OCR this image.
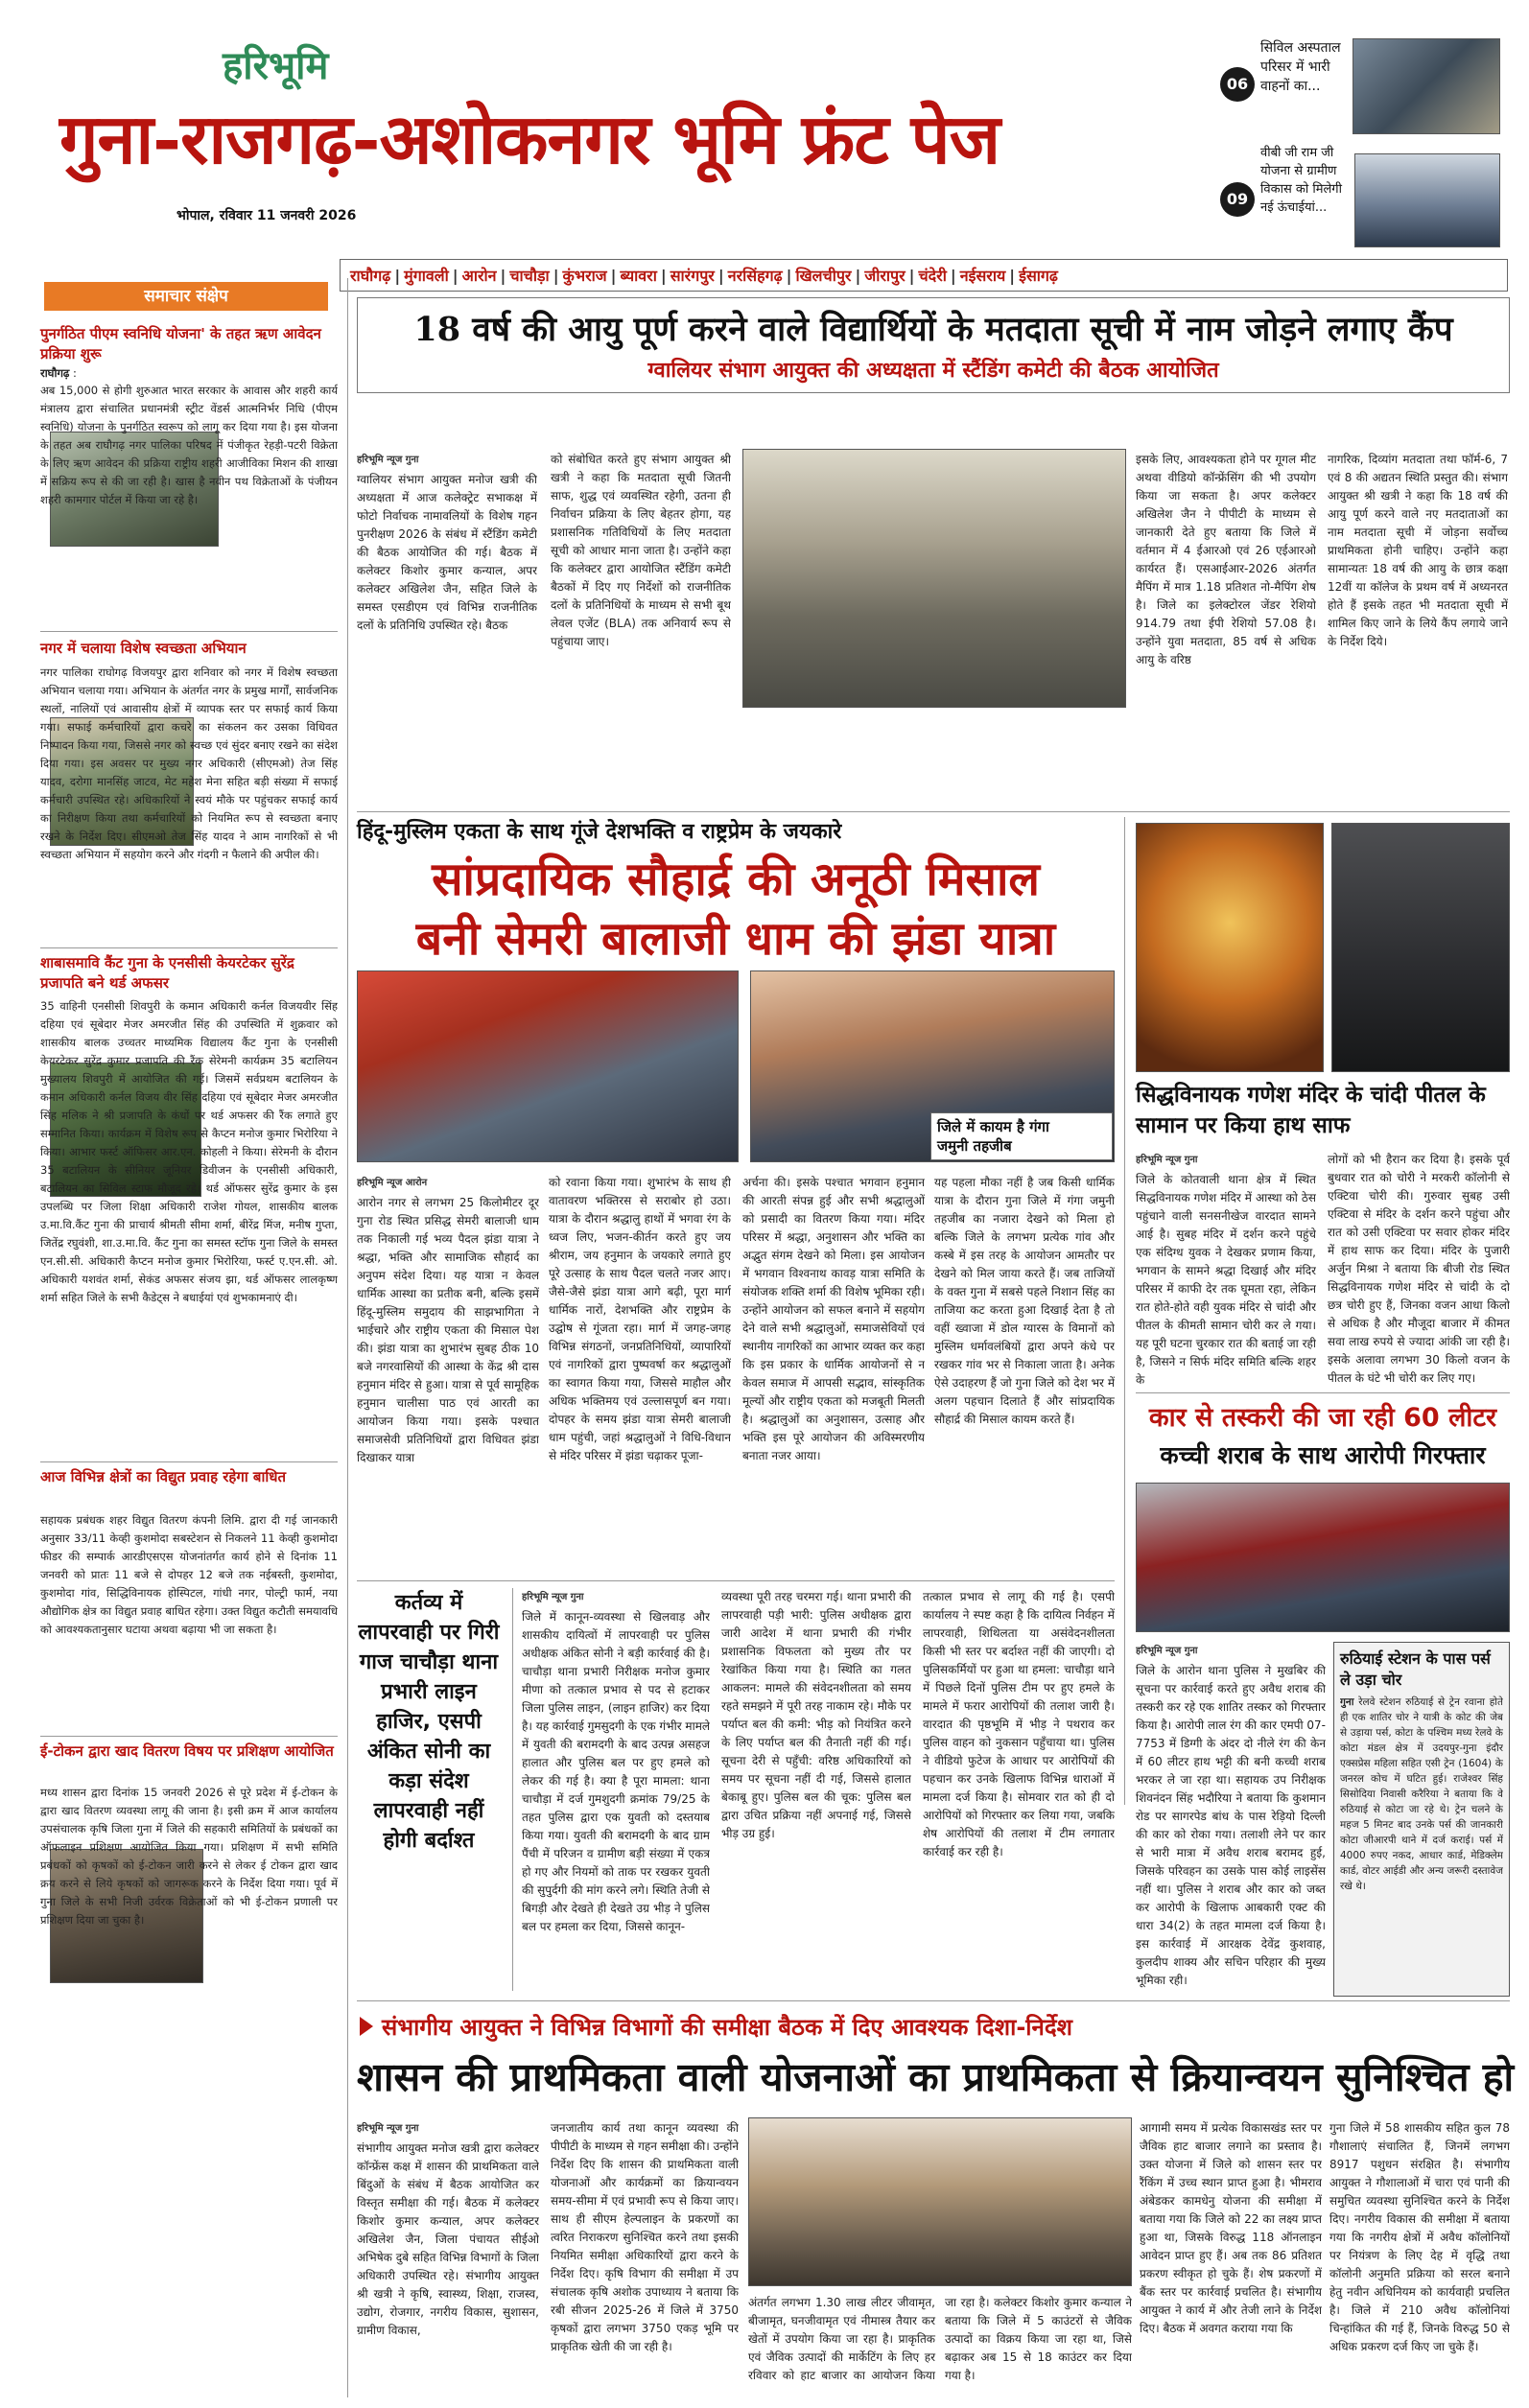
हरिभूमि
गुना-राजगढ़-अशोकनगर भूमि फ्रंट पेज
भोपाल, रविवार 11 जनवरी 2026
06
सिविल अस्पताल परिसर में भारी वाहनों का...
09
वीबी जी राम जी योजना से ग्रामीण विकास को मिलेगी नई ऊंचाईयां...
राघौगढ़ | मुंगावली | आरोन | चाचौड़ा | कुंभराज | ब्यावरा | सारंगपुर | नरसिंहगढ़ | खिलचीपुर | जीरापुर | चंदेरी | नईसराय | ईसागढ़
समाचार संक्षेप
पुनर्गठित पीएम स्वनिधि योजना' के तहत ऋण आवेदन प्रक्रिया शुरू
राघौगढ़ :
अब 15,000 से होगी शुरुआत भारत सरकार के आवास और शहरी कार्य मंत्रालय द्वारा संचालित प्रधानमंत्री स्ट्रीट वेंडर्स आत्मनिर्भर निधि (पीएम स्वनिधि) योजना के पुनर्गठित स्वरूप को लागू कर दिया गया है। इस योजना के तहत अब राघौगढ़ नगर पालिका परिषद में पंजीकृत रेहड़ी-पटरी विक्रेता के लिए ऋण आवेदन की प्रक्रिया राष्ट्रीय शहरी आजीविका मिशन की शाखा में सक्रिय रूप से की जा रही है। खास है नवीन पथ विक्रेताओं के पंजीयन शहरी कामगार पोर्टल में किया जा रहे है।
नगर में चलाया विशेष स्वच्छता अभियान
नगर पालिका राघोगढ़ विजयपुर द्वारा शनिवार को नगर में विशेष स्वच्छता अभियान चलाया गया। अभियान के अंतर्गत नगर के प्रमुख मार्गों, सार्वजनिक स्थलों, नालियों एवं आवासीय क्षेत्रों में व्यापक स्तर पर सफाई कार्य किया गया। सफाई कर्मचारियों द्वारा कचरे का संकलन कर उसका विधिवत निष्पादन किया गया, जिससे नगर को स्वच्छ एवं सुंदर बनाए रखने का संदेश दिया गया। इस अवसर पर मुख्य नगर अधिकारी (सीएमओ) तेज सिंह यादव, दरोगा मानसिंह जाटव, मेट महेश मेना सहित बड़ी संख्या में सफाई कर्मचारी उपस्थित रहे। अधिकारियों ने स्वयं मौके पर पहुंचकर सफाई कार्य का निरीक्षण किया तथा कर्मचारियों को नियमित रूप से स्वच्छता बनाए रखने के निर्देश दिए। सीएमओ तेज सिंह यादव ने आम नागरिकों से भी स्वच्छता अभियान में सहयोग करने और गंदगी न फैलाने की अपील की।
शाबासमावि कैंट गुना के एनसीसी केयरटेकर सुरेंद्र प्रजापति बने थर्ड अफसर
35 वाहिनी एनसीसी शिवपुरी के कमान अधिकारी कर्नल विजयवीर सिंह दहिया एवं सूबेदार मेजर अमरजीत सिंह की उपस्थिति में शुक्रवार को शासकीय बालक उच्चतर माध्यमिक विद्यालय कैंट गुना के एनसीसी केयरटेकर सुरेंद्र कुमार प्रजापति की रैंक सेरेमनी कार्यक्रम 35 बटालियन मुख्यालय शिवपुरी में आयोजित की गई। जिसमें सर्वप्रथम बटालियन के कमान अधिकारी कर्नल विजय वीर सिंह दहिया एवं सूबेदार मेजर अमरजीत सिंह मलिक ने श्री प्रजापति के कंधों पर थर्ड अफसर की रैंक लगाते हुए सम्मानित किया। कार्यक्रम में विशेष रूप से कैप्टन मनोज कुमार भिरोरिया ने किया। आभार फर्स्ट ऑफिसर आर.एन. कोहली ने किया। सेरेमनी के दौरान 35 बटालियन के सीनियर जूनियर डिवीजन के एनसीसी अधिकारी, बटालियन का सिविल स्टाफ मौजूद रहे। थर्ड ऑफसर सुरेंद्र कुमार के इस उपलब्धि पर जिला शिक्षा अधिकारी राजेश गोयल, शासकीय बालक उ.मा.वि.कैंट गुना की प्राचार्य श्रीमती सीमा शर्मा, बीरेंद्र मिंज, मनीष गुप्ता, जितेंद्र रघुवंशी, शा.उ.मा.वि. कैंट गुना का समस्त स्टॉफ गुना जिले के समस्त एन.सी.सी. अधिकारी कैप्टन मनोज कुमार भिरोरिया, फर्स्ट ए.एन.सी. ओ. अधिकारी यशवंत शर्मा, सेकंड अफसर संजय झा, थर्ड ऑफसर लालकृष्ण शर्मा सहित जिले के सभी कैडेट्स ने बधाईयां एवं शुभकामनाएं दी।
आज विभिन्न क्षेत्रों का विद्युत प्रवाह रहेगा बाधित
सहायक प्रबंधक शहर विद्युत वितरण कंपनी लिमि. द्वारा दी गई जानकारी अनुसार 33/11 केव्ही कुशमोदा सबस्टेशन से निकलने 11 केव्ही कुशमोदा फीडर की सम्पार्क आरडीएसएस योजनांतर्गत कार्य होने से दिनांक 11 जनवरी को प्रातः 11 बजे से दोपहर 12 बजे तक नईबस्ती, कुशमोदा, कुशमोदा गांव, सिद्धिविनायक होस्पिटल, गांधी नगर, पोल्ट्री फार्म, नया औद्योगिक क्षेत्र का विद्युत प्रवाह बाधित रहेगा। उक्त विद्युत कटौती समयावधि को आवश्यकतानुसार घटाया अथवा बढ़ाया भी जा सकता है।
ई-टोकन द्वारा खाद वितरण विषय पर प्रशिक्षण आयोजित
मध्य शासन द्वारा दिनांक 15 जनवरी 2026 से पूरे प्रदेश में ई-टोकन के द्वारा खाद वितरण व्यवस्था लागू की जाना है। इसी क्रम में आज कार्यालय उपसंचालक कृषि जिला गुना में जिले की सहकारी समितियों के प्रबंधकों का ऑफलाइन प्रशिक्षण आयोजित किया गया। प्रशिक्षण में सभी समिति प्रबंधकों को कृषकों को ई-टोकन जारी करने से लेकर ई टोकन द्वारा खाद क्रय करने से लिये कृषकों को जागरूक करने के निर्देश दिया गया। पूर्व में गुना जिले के सभी निजी उर्वरक विक्रेताओं को भी ई-टोकन प्रणाली पर प्रशिक्षण दिया जा चुका है।
18 वर्ष की आयु पूर्ण करने वाले विद्यार्थियों के मतदाता सूची में नाम जोड़ने लगाए कैंप
ग्वालियर संभाग आयुक्त की अध्यक्षता में स्टैंडिंग कमेटी की बैठक आयोजित
हरिभूमि न्यूज गुना
ग्वालियर संभाग आयुक्त मनोज खत्री की अध्यक्षता में आज कलेक्ट्रेट सभाकक्ष में फोटो निर्वाचक नामावलियों के विशेष गहन पुनरीक्षण 2026 के संबंध में स्टैंडिंग कमेटी की बैठक आयोजित की गई। बैठक में कलेक्टर किशोर कुमार कन्याल, अपर कलेक्टर अखिलेश जैन, सहित जिले के समस्त एसडीएम एवं विभिन्न राजनीतिक दलों के प्रतिनिधि उपस्थित रहे। बैठक
को संबोधित करते हुए संभाग आयुक्त श्री खत्री ने कहा कि मतदाता सूची जितनी साफ, शुद्ध एवं व्यवस्थित रहेगी, उतना ही निर्वाचन प्रक्रिया के लिए बेहतर होगा, यह प्रशासनिक गतिविधियों के लिए मतदाता सूची को आधार माना जाता है। उन्होंने कहा कि कलेक्टर द्वारा आयोजित स्टैंडिंग कमेटी बैठकों में दिए गए निर्देशों को राजनीतिक दलों के प्रतिनिधियों के माध्यम से सभी बूथ लेवल एजेंट (BLA) तक अनिवार्य रूप से पहुंचाया जाए।
इसके लिए, आवश्यकता होने पर गूगल मीट अथवा वीडियो कॉन्फ्रेंसिंग की भी उपयोग किया जा सकता है। अपर कलेक्टर अखिलेश जैन ने पीपीटी के माध्यम से जानकारी देते हुए बताया कि जिले में वर्तमान में 4 ईआरओ एवं 26 एईआरओ कार्यरत हैं। एसआईआर-2026 अंतर्गत मैपिंग में मात्र 1.18 प्रतिशत नो-मैपिंग शेष है। जिले का इलेक्टोरल जेंडर रेशियो 914.79 तथा ईपी रेशियो 57.08 है। उन्होंने युवा मतदाता, 85 वर्ष से अधिक आयु के वरिष्ठ
नागरिक, दिव्यांग मतदाता तथा फॉर्म-6, 7 एवं 8 की अद्यतन स्थिति प्रस्तुत की। संभाग आयुक्त श्री खत्री ने कहा कि 18 वर्ष की आयु पूर्ण करने वाले नए मतदाताओं का नाम मतदाता सूची में जोड़ना सर्वोच्च प्राथमिकता होनी चाहिए। उन्होंने कहा सामान्यतः 18 वर्ष की आयु के छात्र कक्षा 12वीं या कॉलेज के प्रथम वर्ष में अध्यनरत होते हैं इसके तहत भी मतदाता सूची में शामिल किए जाने के लिये कैंप लगाये जाने के निर्देश दिये।
हिंदू-मुस्लिम एकता के साथ गूंजे देशभक्ति व राष्ट्रप्रेम के जयकारे
सांप्रदायिक सौहार्द्र की अनूठी मिसाल
बनी सेमरी बालाजी धाम की झंडा यात्रा
जिले में कायम है गंगा
जमुनी तहजीब
हरिभूमि न्यूज आरोन
आरोन नगर से लगभग 25 किलोमीटर दूर गुना रोड स्थित प्रसिद्ध सेमरी बालाजी धाम तक निकाली गई भव्य पैदल झंडा यात्रा ने श्रद्धा, भक्ति और सामाजिक सौहार्द का अनुपम संदेश दिया। यह यात्रा न केवल धार्मिक आस्था का प्रतीक बनी, बल्कि इसमें हिंदू-मुस्लिम समुदाय की साझभागिता ने भाईचारे और राष्ट्रीय एकता की मिसाल पेश की। झंडा यात्रा का शुभारंभ सुबह ठीक 10 बजे नगरवासियों की आस्था के केंद्र श्री दास हनुमान मंदिर से हुआ। यात्रा से पूर्व सामूहिक हनुमान चालीसा पाठ एवं आरती का आयोजन किया गया। इसके पश्चात समाजसेवी प्रतिनिधियों द्वारा विधिवत झंडा दिखाकर यात्रा
को रवाना किया गया। शुभारंभ के साथ ही वातावरण भक्तिरस से सराबोर हो उठा। यात्रा के दौरान श्रद्धालु हाथों में भगवा रंग के ध्वज लिए, भजन-कीर्तन करते हुए जय श्रीराम, जय हनुमान के जयकारे लगाते हुए पूरे उत्साह के साथ पैदल चलते नजर आए। जैसे-जैसे झंडा यात्रा आगे बढ़ी, पूरा मार्ग धार्मिक नारों, देशभक्ति और राष्ट्रप्रेम के उद्घोष से गूंजता रहा। मार्ग में जगह-जगह विभिन्न संगठनों, जनप्रतिनिधियों, व्यापारियों एवं नागरिकों द्वारा पुष्पवर्षा कर श्रद्धालुओं का स्वागत किया गया, जिससे माहौल और अधिक भक्तिमय एवं उल्लासपूर्ण बन गया। दोपहर के समय झंडा यात्रा सेमरी बालाजी धाम पहुंची, जहां श्रद्धालुओं ने विधि-विधान से मंदिर परिसर में झंडा चढ़ाकर पूजा-
अर्चना की। इसके पश्चात भगवान हनुमान की आरती संपन्न हुई और सभी श्रद्धालुओं को प्रसादी का वितरण किया गया। मंदिर परिसर में श्रद्धा, अनुशासन और भक्ति का अद्भुत संगम देखने को मिला। इस आयोजन में भगवान विश्वनाथ कावड़ यात्रा समिति के संयोजक शक्ति शर्मा की विशेष भूमिका रही। उन्होंने आयोजन को सफल बनाने में सहयोग देने वाले सभी श्रद्धालुओं, समाजसेवियों एवं स्थानीय नागरिकों का आभार व्यक्त कर कहा कि इस प्रकार के धार्मिक आयोजनों से न केवल समाज में आपसी सद्भाव, सांस्कृतिक मूल्यों और राष्ट्रीय एकता को मजबूती मिलती है। श्रद्धालुओं का अनुशासन, उत्साह और भक्ति इस पूरे आयोजन की अविस्मरणीय बनाता नजर आया।
यह पहला मौका नहीं है जब किसी धार्मिक यात्रा के दौरान गुना जिले में गंगा जमुनी तहजीब का नजारा देखने को मिला हो बल्कि जिले के लगभग प्रत्येक गांव और कस्बे में इस तरह के आयोजन आमतौर पर देखने को मिल जाया करते हैं। जब ताजियों के वक्त गुना में सबसे पहले निशान सिंह का ताजिया कट करता हुआ दिखाई देता है तो वहीं ख्वाजा में डोल ग्यारस के विमानों को मुस्लिम धर्मावलंबियों द्वारा अपने कंधे पर रखकर गांव भर से निकाला जाता है। अनेक ऐसे उदाहरण हैं जो गुना जिले को देश भर में अलग पहचान दिलाते हैं और सांप्रदायिक सौहार्द्र की मिसाल कायम करते हैं।
सिद्धविनायक गणेश मंदिर के चांदी पीतल के सामान पर किया हाथ साफ
हरिभूमि न्यूज गुना
जिले के कोतवाली थाना क्षेत्र में स्थित सिद्धविनायक गणेश मंदिर में आस्था को ठेस पहुंचाने वाली सनसनीखेज वारदात सामने आई है। सुबह मंदिर में दर्शन करने पहुंचे एक संदिग्ध युवक ने देखकर प्रणाम किया, भगवान के सामने श्रद्धा दिखाई और मंदिर परिसर में काफी देर तक घूमता रहा, लेकिन रात होते-होते वही युवक मंदिर से चांदी और पीतल के कीमती सामान चोरी कर ले गया। यह पूरी घटना चुरकार रात की बताई जा रही है, जिसने न सिर्फ मंदिर समिति बल्कि शहर के
लोगों को भी हैरान कर दिया है। इसके पूर्व बुधवार रात को चोरी ने मरकरी कॉलोनी से एक्टिवा चोरी की। गुरुवार सुबह उसी एक्टिवा से मंदिर के दर्शन करने पहुंचा और रात को उसी एक्टिवा पर सवार होकर मंदिर में हाथ साफ कर दिया। मंदिर के पुजारी अर्जुन मिश्रा ने बताया कि बीजी रोड स्थित सिद्धविनायक गणेश मंदिर से चांदी के दो छत्र चोरी हुए हैं, जिनका वजन आधा किलो से अधिक है और मौजूदा बाजार में कीमत सवा लाख रुपये से ज्यादा आंकी जा रही है। इसके अलावा लगभग 30 किलो वजन के पीतल के घंटे भी चोरी कर लिए गए।
कार से तस्करी की जा रही 60 लीटर
कच्ची शराब के साथ आरोपी गिरफ्तार
हरिभूमि न्यूज गुना
जिले के आरोन थाना पुलिस ने मुखबिर की सूचना पर कार्रवाई करते हुए अवैध शराब की तस्करी कर रहे एक शातिर तस्कर को गिरफ्तार किया है। आरोपी लाल रंग की कार एमपी 07-7753 में डिग्गी के अंदर दो नीले रंग की केन में 60 लीटर हाथ भट्टी की बनी कच्ची शराब भरकर ले जा रहा था। सहायक उप निरीक्षक शिवनंदन सिंह भदौरिया ने बताया कि कुशमान रोड पर सागरपेड बांध के पास रेड़ियो दिल्ली की कार को रोका गया। तलाशी लेने पर कार से भारी मात्रा में अवैध शराब बरामद हुई, जिसके परिवहन का उसके पास कोई लाइसेंस नहीं था। पुलिस ने शराब और कार को जब्त कर आरोपी के खिलाफ आबकारी एक्ट की धारा 34(2) के तहत मामला दर्ज किया है। इस कार्रवाई में आरक्षक देवेंद्र कुशवाह, कुलदीप शाक्य और सचिन परिहार की मुख्य भूमिका रही।
रुठियाई स्टेशन के पास पर्स ले उड़ा चोर
गुना रेलवे स्टेशन रुठियाई से ट्रेन रवाना होते ही एक शातिर चोर ने यात्री के कोट की जेब से उड़ाया पर्स, कोटा के पश्चिम मध्य रेलवे के कोटा मंडल क्षेत्र में उदयपुर-गुना इंदौर एक्सप्रेस महिला सहित एसी ट्रेन (1604) के जनरल कोच में घटित हुई। राजेश्वर सिंह सिसोदिया निवासी करैरिया ने बताया कि वे रुठियाई से कोटा जा रहे थे। ट्रेन चलने के महज 5 मिनट बाद उनके पर्स की जानकारी कोटा जीआरपी थाने में दर्ज कराई। पर्स में 4000 रुपए नकद, आधार कार्ड, मेडिक्लेम कार्ड, वोटर आईडी और अन्य जरूरी दस्तावेज रखे थे।
कर्तव्य में लापरवाही पर गिरी गाज चाचौड़ा थाना प्रभारी लाइन हाजिर, एसपी अंकित सोनी का कड़ा संदेश लापरवाही नहीं होगी बर्दाश्त
हरिभूमि न्यूज गुना
जिले में कानून-व्यवस्था से खिलवाड़ और शासकीय दायित्वों में लापरवाही पर पुलिस अधीक्षक अंकित सोनी ने बड़ी कार्रवाई की है। चाचौड़ा थाना प्रभारी निरीक्षक मनोज कुमार मीणा को तत्काल प्रभाव से पद से हटाकर जिला पुलिस लाइन, (लाइन हाजिर) कर दिया है। यह कार्रवाई गुमसुदगी के एक गंभीर मामले में युवती की बरामदगी के बाद उत्पन्न असहज हालात और पुलिस बल पर हुए हमले को लेकर की गई है। क्या है पूरा मामला: थाना चाचौड़ा में दर्ज गुमशुदगी क्रमांक 79/25 के तहत पुलिस द्वारा एक युवती को दस्तयाब किया गया। युवती की बरामदगी के बाद ग्राम पैंची में परिजन व ग्रामीण बड़ी संख्या में एकत्र हो गए और नियमों को ताक पर रखकर युवती की सुपुर्दगी की मांग करने लगे। स्थिति तेजी से बिगड़ी और देखते ही देखते उग्र भीड़ ने पुलिस बल पर हमला कर दिया, जिससे कानून-
व्यवस्था पूरी तरह चरमरा गई। थाना प्रभारी की लापरवाही पड़ी भारी: पुलिस अधीक्षक द्वारा जारी आदेश में थाना प्रभारी की गंभीर प्रशासनिक विफलता को मुख्य तौर पर रेखांकित किया गया है। स्थिति का गलत आकलन: मामले की संवेदनशीलता को समय रहते समझने में पूरी तरह नाकाम रहे। मौके पर पर्याप्त बल की कमी: भीड़ को नियंत्रित करने के लिए पर्याप्त बल की तैनाती नहीं की गई। सूचना देरी से पहुँची: वरिष्ठ अधिकारियों को समय पर सूचना नहीं दी गई, जिससे हालात बेकाबू हुए। पुलिस बल की चूक: पुलिस बल द्वारा उचित प्रक्रिया नहीं अपनाई गई, जिससे भीड़ उग्र हुई।
तत्काल प्रभाव से लागू की गई है। एसपी कार्यालय ने स्पष्ट कहा है कि दायित्व निर्वहन में लापरवाही, शिथिलता या असंवेदनशीलता किसी भी स्तर पर बर्दाश्त नहीं की जाएगी। दो पुलिसकर्मियों पर हुआ था हमला: चाचौड़ा थाने में पिछले दिनों पुलिस टीम पर हुए हमले के मामले में फरार आरोपियों की तलाश जारी है। वारदात की पृष्ठभूमि में भीड़ ने पथराव कर पुलिस वाहन को नुकसान पहुँचाया था। पुलिस ने वीडियो फुटेज के आधार पर आरोपियों की पहचान कर उनके खिलाफ विभिन्न धाराओं में मामला दर्ज किया है। सोमवार रात को ही दो आरोपियों को गिरफ्तार कर लिया गया, जबकि शेष आरोपियों की तलाश में टीम लगातार कार्रवाई कर रही है।
संभागीय आयुक्त ने विभिन्न विभागों की समीक्षा बैठक में दिए आवश्यक दिशा-निर्देश
शासन की प्राथमिकता वाली योजनाओं का प्राथमिकता से क्रियान्वयन सुनिश्चित हो
हरिभूमि न्यूज गुना
संभागीय आयुक्त मनोज खत्री द्वारा कलेक्टर कॉन्फ्रेंस कक्ष में शासन की प्राथमिकता वाले बिंदुओं के संबंध में बैठक आयोजित कर विस्तृत समीक्षा की गई। बैठक में कलेक्टर किशोर कुमार कन्याल, अपर कलेक्टर अखिलेश जैन, जिला पंचायत सीईओ अभिषेक दुबे सहित विभिन्न विभागों के जिला अधिकारी उपस्थित रहे। संभागीय आयुक्त श्री खत्री ने कृषि, स्वास्थ्य, शिक्षा, राजस्व, उद्योग, रोजगार, नगरीय विकास, सुशासन, ग्रामीण विकास,
जनजातीय कार्य तथा कानून व्यवस्था की पीपीटी के माध्यम से गहन समीक्षा की। उन्होंने निर्देश दिए कि शासन की प्राथमिकता वाली योजनाओं और कार्यक्रमों का क्रियान्वयन समय-सीमा में एवं प्रभावी रूप से किया जाए। साथ ही सीएम हेल्पलाइन के प्रकरणों का त्वरित निराकरण सुनिश्चित करने तथा इसकी नियमित समीक्षा अधिकारियों द्वारा करने के निर्देश दिए। कृषि विभाग की समीक्षा में उप संचालक कृषि अशोक उपाध्याय ने बताया कि रबी सीजन 2025-26 में जिले में 3750 कृषकों द्वारा लगभग 3750 एकड़ भूमि पर प्राकृतिक खेती की जा रही है।
अंतर्गत लगभग 1.30 लाख लीटर जीवामृत, बीजामृत, घनजीवामृत एवं नीमास्त्र तैयार कर खेतों में उपयोग किया जा रहा है। प्राकृतिक एवं जैविक उत्पादों की मार्केटिंग के लिए हर रविवार को हाट बाजार का आयोजन किया जा रहा है। कलेक्टर किशोर कुमार कन्याल ने बताया कि जिले में 5 काउंटरों से जैविक उत्पादों का विक्रय किया जा रहा था, जिसे बढ़ाकर अब 15 से 18 काउंटर कर दिया गया है।
आगामी समय में प्रत्येक विकासखंड स्तर पर जैविक हाट बाजार लगाने का प्रस्ताव है। उक्त योजना में जिले को शासन स्तर पर रैंकिंग में उच्च स्थान प्राप्त हुआ है। भीमराव अंबेडकर कामधेनु योजना की समीक्षा में बताया गया कि जिले को 22 का लक्ष्य प्राप्त हुआ था, जिसके विरुद्ध 118 ऑनलाइन आवेदन प्राप्त हुए हैं। अब तक 86 प्रतिशत प्रकरण स्वीकृत हो चुके हैं। शेष प्रकरणों में बैंक स्तर पर कार्रवाई प्रचलित है। संभागीय आयुक्त ने कार्य में और तेजी लाने के निर्देश दिए। बैठक में अवगत कराया गया कि
गुना जिले में 58 शासकीय सहित कुल 78 गौशालाएं संचालित हैं, जिनमें लगभग 8917 पशुधन संरक्षित है। संभागीय आयुक्त ने गौशालाओं में चारा एवं पानी की समुचित व्यवस्था सुनिश्चित करने के निर्देश दिए। नगरीय विकास की समीक्षा में बताया गया कि नगरीय क्षेत्रों में अवैध कॉलोनियों पर नियंत्रण के लिए देह में वृद्धि तथा कॉलोनी अनुमति प्रक्रिया को सरल बनाने हेतु नवीन अधिनियम को कार्यवाही प्रचलित है। जिले में 210 अवैध कॉलोनियां चिन्हांकित की गई हैं, जिनके विरुद्ध 50 से अधिक प्रकरण दर्ज किए जा चुके हैं।
